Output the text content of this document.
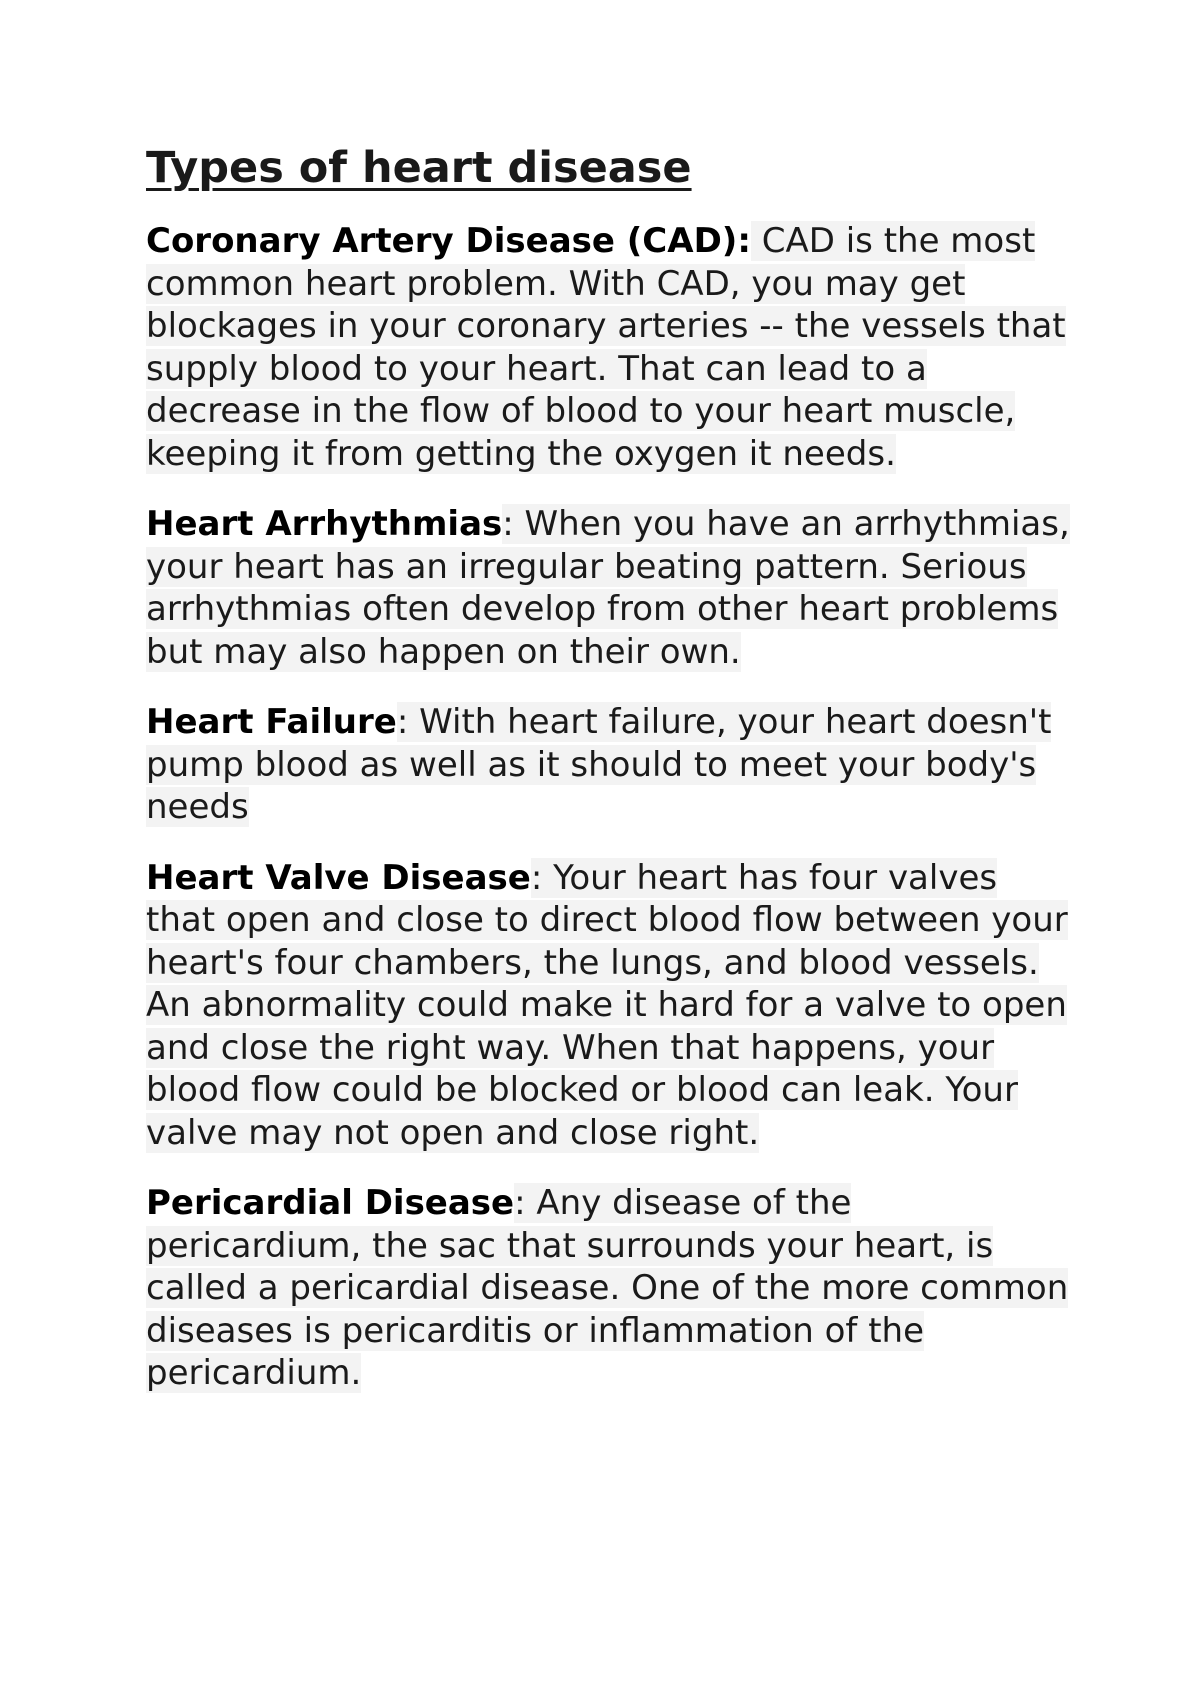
Types of heart disease

Coronary Artery Disease (CAD): CAD is the most common heart problem. With CAD, you may get blockages in your coronary arteries -- the vessels that supply blood to your heart. That can lead to a decrease in the flow of blood to your heart muscle, keeping it from getting the oxygen it needs.

Heart Arrhythmias: When you have an arrhythmias, your heart has an irregular beating pattern. Serious arrhythmias often develop from other heart problems but may also happen on their own.

Heart Failure: With heart failure, your heart doesn't pump blood as well as it should to meet your body's needs

Heart Valve Disease: Your heart has four valves that open and close to direct blood flow between your heart's four chambers, the lungs, and blood vessels. An abnormality could make it hard for a valve to open and close the right way. When that happens, your blood flow could be blocked or blood can leak. Your valve may not open and close right.

Pericardial Disease: Any disease of the pericardium, the sac that surrounds your heart, is called a pericardial disease. One of the more common diseases is pericarditis or inflammation of the pericardium.
